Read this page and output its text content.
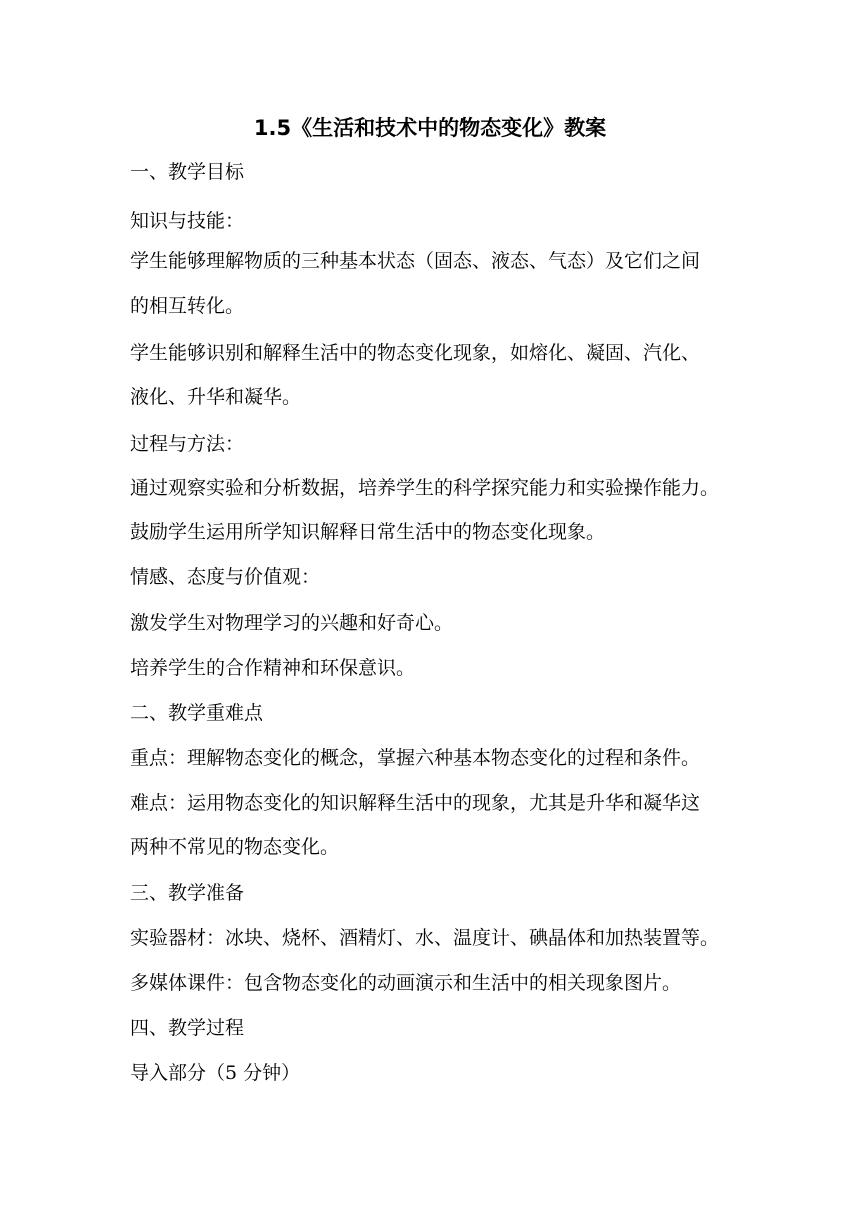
1.5《生活和技术中的物态变化》教案
一、教学目标
知识与技能：
学生能够理解物质的三种基本状态（固态、液态、气态）及它们之间
的相互转化。
学生能够识别和解释生活中的物态变化现象，如熔化、凝固、汽化、
液化、升华和凝华。
过程与方法：
通过观察实验和分析数据，培养学生的科学探究能力和实验操作能力。
鼓励学生运用所学知识解释日常生活中的物态变化现象。
情感、态度与价值观：
激发学生对物理学习的兴趣和好奇心。
培养学生的合作精神和环保意识。
二、教学重难点
重点：理解物态变化的概念，掌握六种基本物态变化的过程和条件。
难点：运用物态变化的知识解释生活中的现象，尤其是升华和凝华这
两种不常见的物态变化。
三、教学准备
实验器材：冰块、烧杯、酒精灯、水、温度计、碘晶体和加热装置等。
多媒体课件：包含物态变化的动画演示和生活中的相关现象图片。
四、教学过程
导入部分（5 分钟）
